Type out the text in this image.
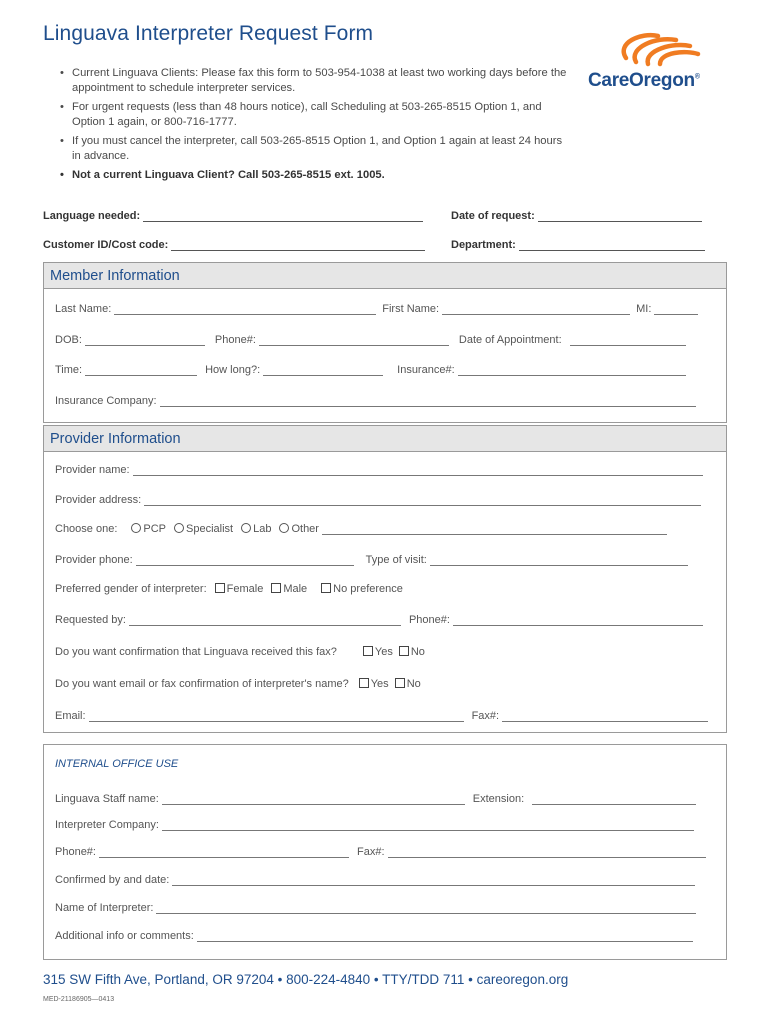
Linguava Interpreter Request Form
• Current Linguava Clients: Please fax this form to 503-954-1038 at least two working days before the appointment to schedule interpreter services.
• For urgent requests (less than 48 hours notice), call Scheduling at 503-265-8515 Option 1, and Option 1 again, or 800-716-1777.
• If you must cancel the interpreter, call 503-265-8515 Option 1, and Option 1 again at least 24 hours in advance.
• Not a current Linguava Client? Call 503-265-8515 ext. 1005.
CareOregon®
Language needed:	Date of request:
Customer ID/Cost code:	Department:
Member Information
Last Name:	First Name:	MI:
DOB:	Phone#:	Date of Appointment:
Time:	How long?:	Insurance#:
Insurance Company:
Provider Information
Provider name:
Provider address:
Choose one: PCP Specialist Lab Other
Provider phone:	Type of visit:
Preferred gender of interpreter: Female Male No preference
Requested by:	Phone#:
Do you want confirmation that Linguava received this fax?	Yes No
Do you want email or fax confirmation of interpreter's name? Yes No
Email:	Fax#:
INTERNAL OFFICE USE
Linguava Staff name:	Extension:
Interpreter Company:
Phone#:	Fax#:
Confirmed by and date:
Name of Interpreter:
Additional info or comments:
315 SW Fifth Ave, Portland, OR 97204 • 800-224-4840 • TTY/TDD 711 • careoregon.org
MED-21186905—0413
